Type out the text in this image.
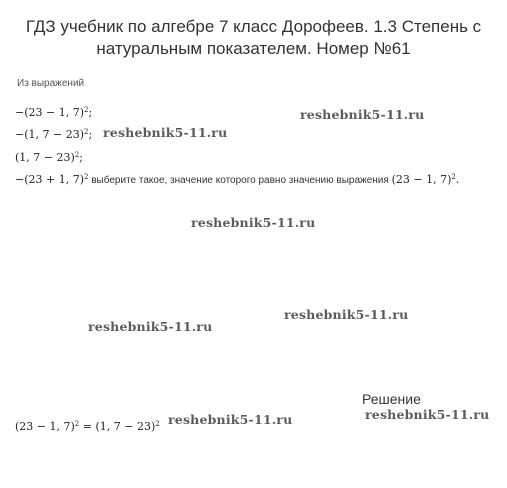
ГДЗ учебник по алгебре 7 класс Дорофеев. 1.3 Степень с натуральным показателем. Номер №61
Из выражений
−(23 − 1, 7)$^2$;
−(1, 7 − 23)$^2$;
(1, 7 − 23)$^2$;
−(23 + 1, 7)$^2$ выберите такое, значение которого равно значению выражения (23 − 1, 7)$^2$.
Решение
(23 − 1, 7)$^2$ = (1, 7 − 23)$^2$
reshebnik5-11.ru
reshebnik5-11.ru
reshebnik5-11.ru
reshebnik5-11.ru
reshebnik5-11.ru
reshebnik5-11.ru
reshebnik5-11.ru
